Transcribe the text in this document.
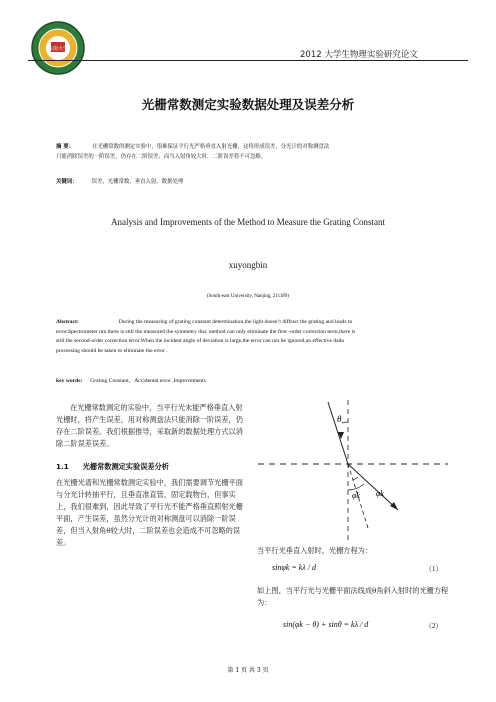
东南大学
2012 大学生物理实验研究论文
光栅常数测定实验数据处理及误差分析
摘 要：	在光栅常数的测定实验中，很难保证平行光严格垂直入射光栅，这将形成误差，分光计的对称测盘法
只能消除误差的一阶误差，仍存在二阶误差，而当入射角较大时，二阶误差将不可忽略。
关键词：	误差，光栅常数，垂直入射，数据处理
Analysis and Improvements of the Method to Measure the Grating Constant
xuyongbin
(South-east University, Nanjing, 211189)
Abstract:	During the measuring of grating constant determination,the light doesn’t diffract the grating and leads to
error.Spectrometer mn.there is still the measured the symmetry disc method can only eliminate the first -order correction term,there is
still the second-order correction error.When the incident angle of deviation is large,the error can not be ignored,an effective dada
processing should be taken to eliminate the error .
key words: Grating Constant，Accidental error ,Improvements
在光栅常数测定的实验中，当平行光未能严格垂直入射光栅时，将产生误差，用对称测盘法只能消除一阶误差，仍存在二阶误差。我们根据推导，采取新的数据处理方式以消除二阶误差误差。
1.1 光栅常数测定实验误差分析
在光栅光谱和光栅常数测定实验中，我们需要调节光栅平面与分光计转抽平行，且垂直准直管，固定载物台，但事实上，我们很难到，因此导致了平行光不能严格垂直照射光栅平面，产生误差，虽然分光计的对称测盘可以消除一阶误差，但当入射角θ较大时，二阶误差也会造成不可忽略的误差。
θ
φk φk
当平行光垂直入射时，光栅方程为：
sinφk = kλ / d	（1）
如上图，当平行光与光栅平面法线成θ角斜入射时的光栅方程为：
sin(φk − θ) + sinθ = kλ / d	（2）
第 1 页 共 3 页
